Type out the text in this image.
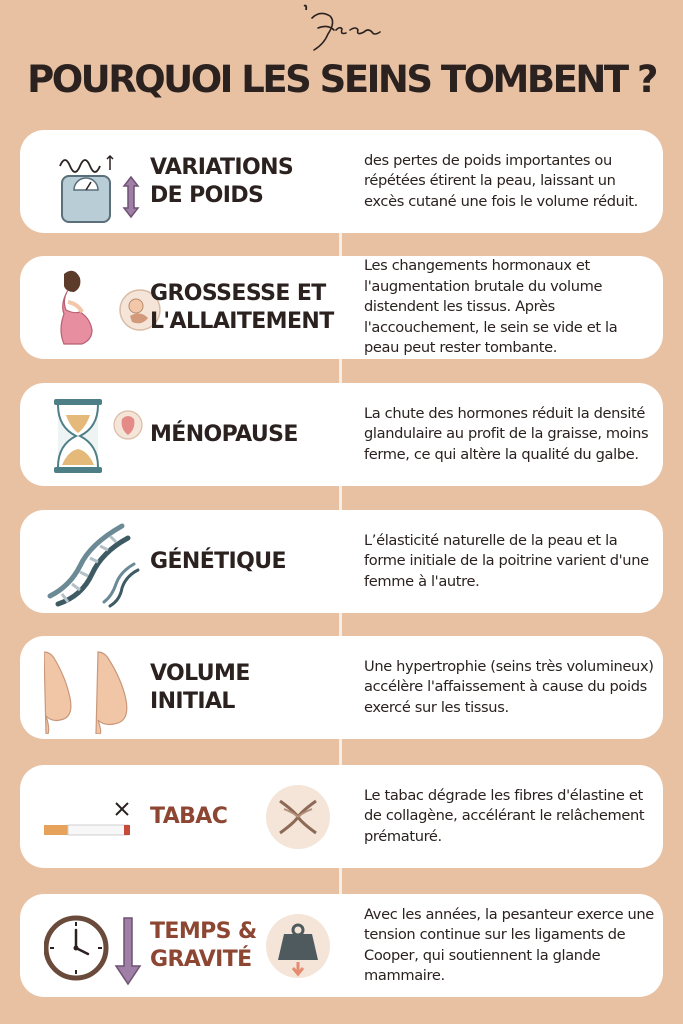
POURQUOI LES SEINS TOMBENT ?
VARIATIONS
DE POIDS
des pertes de poids importantes ou répétées étirent la peau, laissant un excès cutané une fois le volume réduit.
GROSSESSE ET
L'ALLAITEMENT
Les changements hormonaux et l'augmentation brutale du volume distendent les tissus. Après l'accouchement, le sein se vide et la peau peut rester tombante.
MÉNOPAUSE
La chute des hormones réduit la densité glandulaire au profit de la graisse, moins ferme, ce qui altère la qualité du galbe.
GÉNÉTIQUE
L’élasticité naturelle de la peau et la forme initiale de la poitrine varient d'une femme à l'autre.
VOLUME
INITIAL
Une hypertrophie (seins très volumineux) accélère l'affaissement à cause du poids exercé sur les tissus.
TABAC
Le tabac dégrade les fibres d'élastine et de collagène, accélérant le relâchement prématuré.
TEMPS &
GRAVITÉ
Avec les années, la pesanteur exerce une tension continue sur les ligaments de Cooper, qui soutiennent la glande mammaire.
